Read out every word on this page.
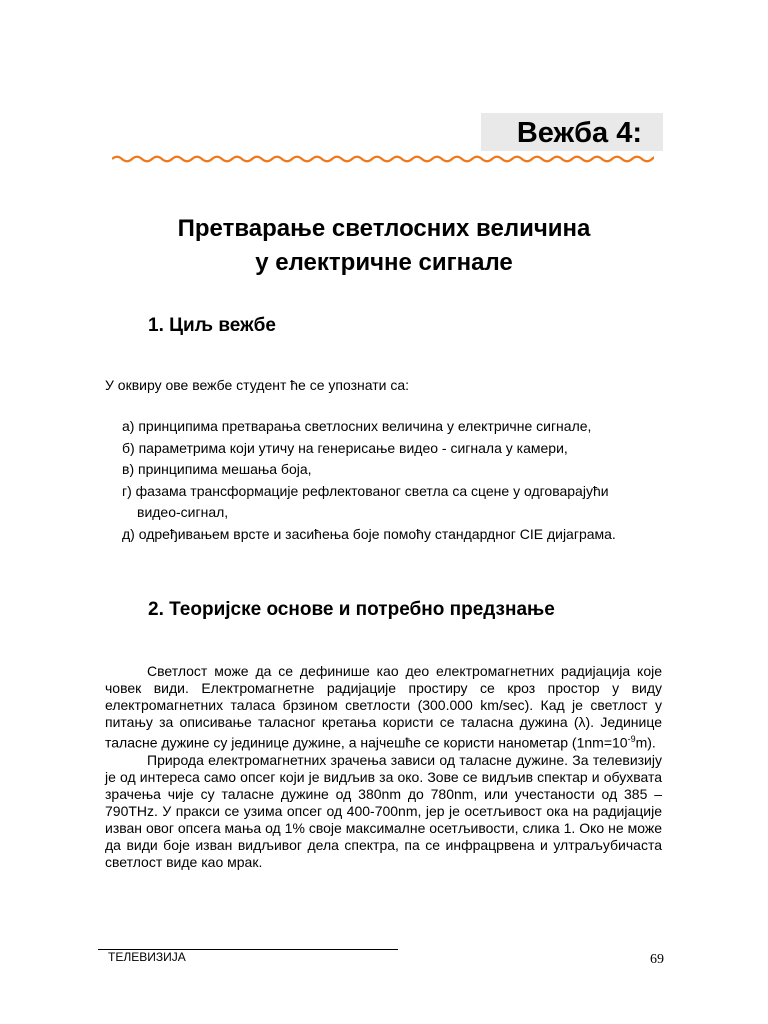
Вежба 4:
Претварање светлосних величина
у електричне сигнале
1. Циљ вежбе

У оквиру ове вежбе студент ће се упознати са:

а) принципима претварања светлосних величина у електричне сигнале,
б) параметрима који утичу на генерисање видео - сигнала у камери,
в) принципима мешања боја,
г) фазама трансформације рефлектованог светла са сцене у одговарајући видео-сигнал,
д) одређивањем врсте и засићења боје помоћу стандардног CIE дијаграма.
2. Теоријске основе и потребно предзнање

Светлост може да се дефинише као део електромагнетних радијација које човек види. Електромагнетне радијације простиру се кроз простор у виду електромагнетних таласа брзином светлости (300.000 km/sec). Кад је светлост у питању за описивање таласног кретања користи се таласна дужина (λ). Јединице таласне дужине су јединице дужине, а најчешће се користи нанометар $(1nm=10^{-9}m)$.

Природа електромагнетних зрачења зависи од таласне дужине. За телевизију је од интереса само опсег који је видљив за око. Зове се видљив спектар и обухвата зрачења чије су таласне дужине од 380nm до 780nm, или учестаности од 385 – 790THz. У пракси се узима опсег од 400-700nm, јер је осетљивост ока на радијације изван овог опсега мања од 1% своје максималне осетљивости, слика 1. Око не може да види боје изван видљивог дела спектра, па се инфрацрвена и ултраљубичаста светлост виде као мрак.

ТЕЛЕВИЗИЈА	69
